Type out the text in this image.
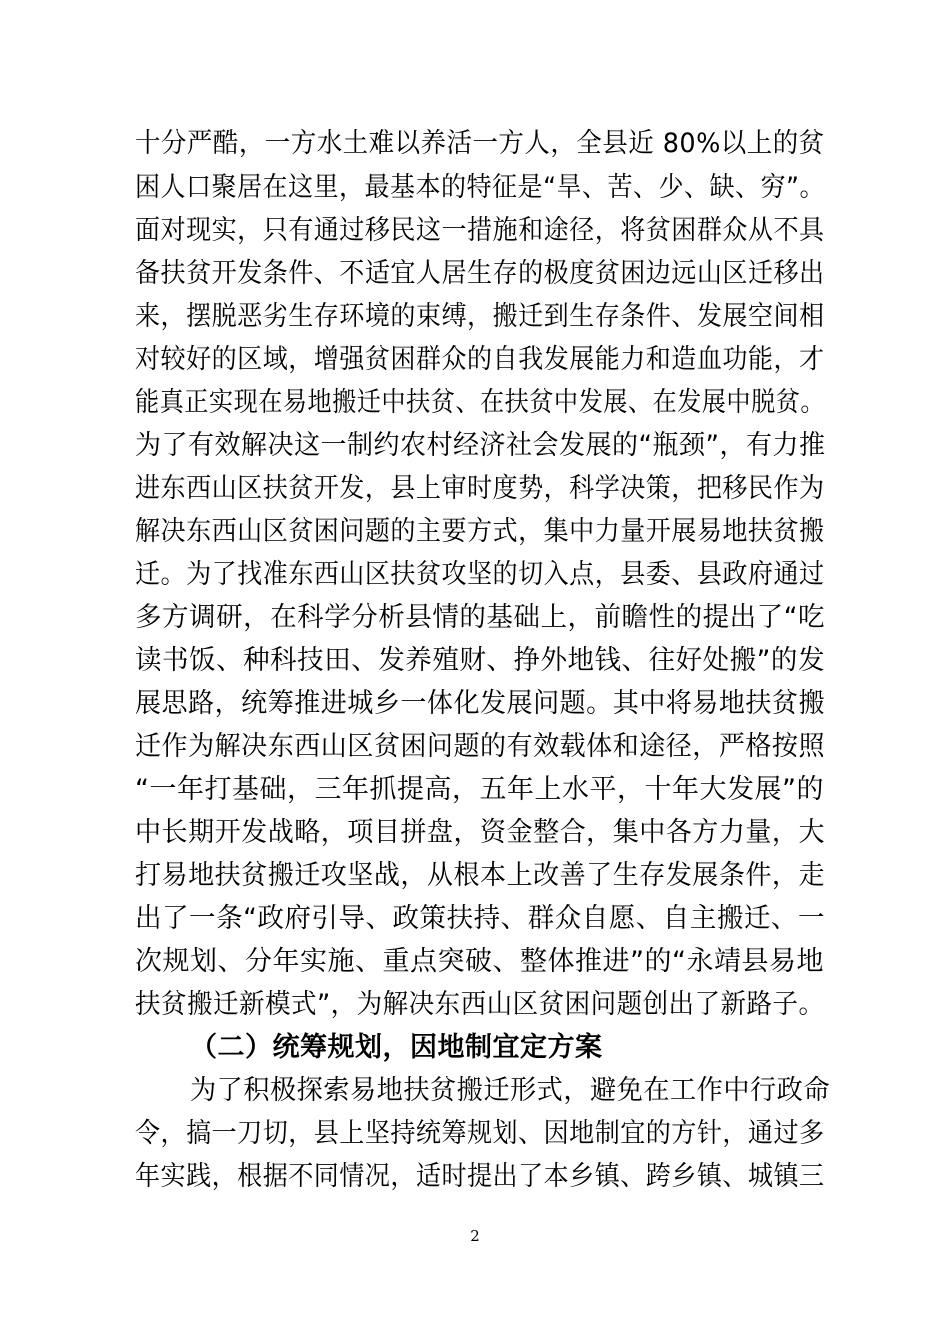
十分严酷，一方水土难以养活一方人，全县近 80%以上的贫
困人口聚居在这里，最基本的特征是“旱、苦、少、缺、穷”。
面对现实，只有通过移民这一措施和途径，将贫困群众从不具
备扶贫开发条件、不适宜人居生存的极度贫困边远山区迁移出
来，摆脱恶劣生存环境的束缚，搬迁到生存条件、发展空间相
对较好的区域，增强贫困群众的自我发展能力和造血功能，才
能真正实现在易地搬迁中扶贫、在扶贫中发展、在发展中脱贫。
为了有效解决这一制约农村经济社会发展的“瓶颈”，有力推
进东西山区扶贫开发，县上审时度势，科学决策，把移民作为
解决东西山区贫困问题的主要方式，集中力量开展易地扶贫搬
迁。为了找准东西山区扶贫攻坚的切入点，县委、县政府通过
多方调研，在科学分析县情的基础上，前瞻性的提出了“吃
读书饭、种科技田、发养殖财、挣外地钱、往好处搬”的发
展思路，统筹推进城乡一体化发展问题。其中将易地扶贫搬
迁作为解决东西山区贫困问题的有效载体和途径，严格按照
“一年打基础，三年抓提高，五年上水平，十年大发展”的
中长期开发战略，项目拼盘，资金整合，集中各方力量，大
打易地扶贫搬迁攻坚战，从根本上改善了生存发展条件，走
出了一条“政府引导、政策扶持、群众自愿、自主搬迁、一
次规划、分年实施、重点突破、整体推进”的“永靖县易地
扶贫搬迁新模式”，为解决东西山区贫困问题创出了新路子。
（二）统筹规划，因地制宜定方案
为了积极探索易地扶贫搬迁形式，避免在工作中行政命
令，搞一刀切，县上坚持统筹规划、因地制宜的方针，通过多
年实践，根据不同情况，适时提出了本乡镇、跨乡镇、城镇三
2
